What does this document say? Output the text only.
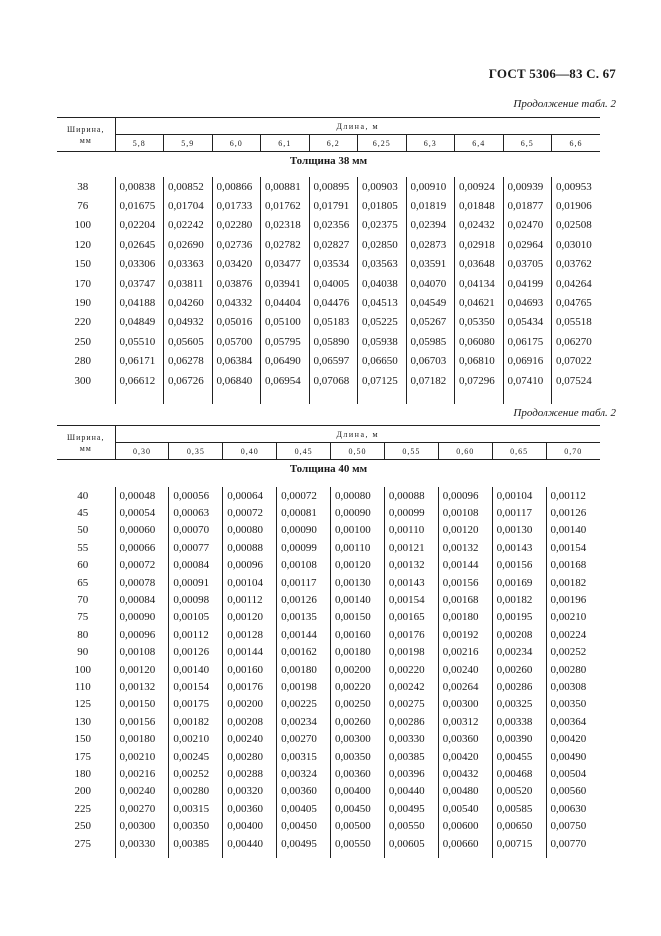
ГОСТ 5306—83 С. 67
Продолжение табл. 2
Ширина,
мм	Длина, м									
	5,8	5,9	6,0	6,1	6,2	6,25	6,3	6,4	6,5	6,6
Толщина 38 мм										
38	0,00838	0,00852	0,00866	0,00881	0,00895	0,00903	0,00910	0,00924	0,00939	0,00953
76	0,01675	0,01704	0,01733	0,01762	0,01791	0,01805	0,01819	0,01848	0,01877	0,01906
100	0,02204	0,02242	0,02280	0,02318	0,02356	0,02375	0,02394	0,02432	0,02470	0,02508
120	0,02645	0,02690	0,02736	0,02782	0,02827	0,02850	0,02873	0,02918	0,02964	0,03010
150	0,03306	0,03363	0,03420	0,03477	0,03534	0,03563	0,03591	0,03648	0,03705	0,03762
170	0,03747	0,03811	0,03876	0,03941	0,04005	0,04038	0,04070	0,04134	0,04199	0,04264
190	0,04188	0,04260	0,04332	0,04404	0,04476	0,04513	0,04549	0,04621	0,04693	0,04765
220	0,04849	0,04932	0,05016	0,05100	0,05183	0,05225	0,05267	0,05350	0,05434	0,05518
250	0,05510	0,05605	0,05700	0,05795	0,05890	0,05938	0,05985	0,06080	0,06175	0,06270
280	0,06171	0,06278	0,06384	0,06490	0,06597	0,06650	0,06703	0,06810	0,06916	0,07022
300	0,06612	0,06726	0,06840	0,06954	0,07068	0,07125	0,07182	0,07296	0,07410	0,07524

Продолжение табл. 2
Ширина,
мм	Длина, м								
	0,30	0,35	0,40	0,45	0,50	0,55	0,60	0,65	0,70
Толщина 40 мм									
40	0,00048	0,00056	0,00064	0,00072	0,00080	0,00088	0,00096	0,00104	0,00112
45	0,00054	0,00063	0,00072	0,00081	0,00090	0,00099	0,00108	0,00117	0,00126
50	0,00060	0,00070	0,00080	0,00090	0,00100	0,00110	0,00120	0,00130	0,00140
55	0,00066	0,00077	0,00088	0,00099	0,00110	0,00121	0,00132	0,00143	0,00154
60	0,00072	0,00084	0,00096	0,00108	0,00120	0,00132	0,00144	0,00156	0,00168
65	0,00078	0,00091	0,00104	0,00117	0,00130	0,00143	0,00156	0,00169	0,00182
70	0,00084	0,00098	0,00112	0,00126	0,00140	0,00154	0,00168	0,00182	0,00196
75	0,00090	0,00105	0,00120	0,00135	0,00150	0,00165	0,00180	0,00195	0,00210
80	0,00096	0,00112	0,00128	0,00144	0,00160	0,00176	0,00192	0,00208	0,00224
90	0,00108	0,00126	0,00144	0,00162	0,00180	0,00198	0,00216	0,00234	0,00252
100	0,00120	0,00140	0,00160	0,00180	0,00200	0,00220	0,00240	0,00260	0,00280
110	0,00132	0,00154	0,00176	0,00198	0,00220	0,00242	0,00264	0,00286	0,00308
125	0,00150	0,00175	0,00200	0,00225	0,00250	0,00275	0,00300	0,00325	0,00350
130	0,00156	0,00182	0,00208	0,00234	0,00260	0,00286	0,00312	0,00338	0,00364
150	0,00180	0,00210	0,00240	0,00270	0,00300	0,00330	0,00360	0,00390	0,00420
175	0,00210	0,00245	0,00280	0,00315	0,00350	0,00385	0,00420	0,00455	0,00490
180	0,00216	0,00252	0,00288	0,00324	0,00360	0,00396	0,00432	0,00468	0,00504
200	0,00240	0,00280	0,00320	0,00360	0,00400	0,00440	0,00480	0,00520	0,00560
225	0,00270	0,00315	0,00360	0,00405	0,00450	0,00495	0,00540	0,00585	0,00630
250	0,00300	0,00350	0,00400	0,00450	0,00500	0,00550	0,00600	0,00650	0,00750
275	0,00330	0,00385	0,00440	0,00495	0,00550	0,00605	0,00660	0,00715	0,00770
